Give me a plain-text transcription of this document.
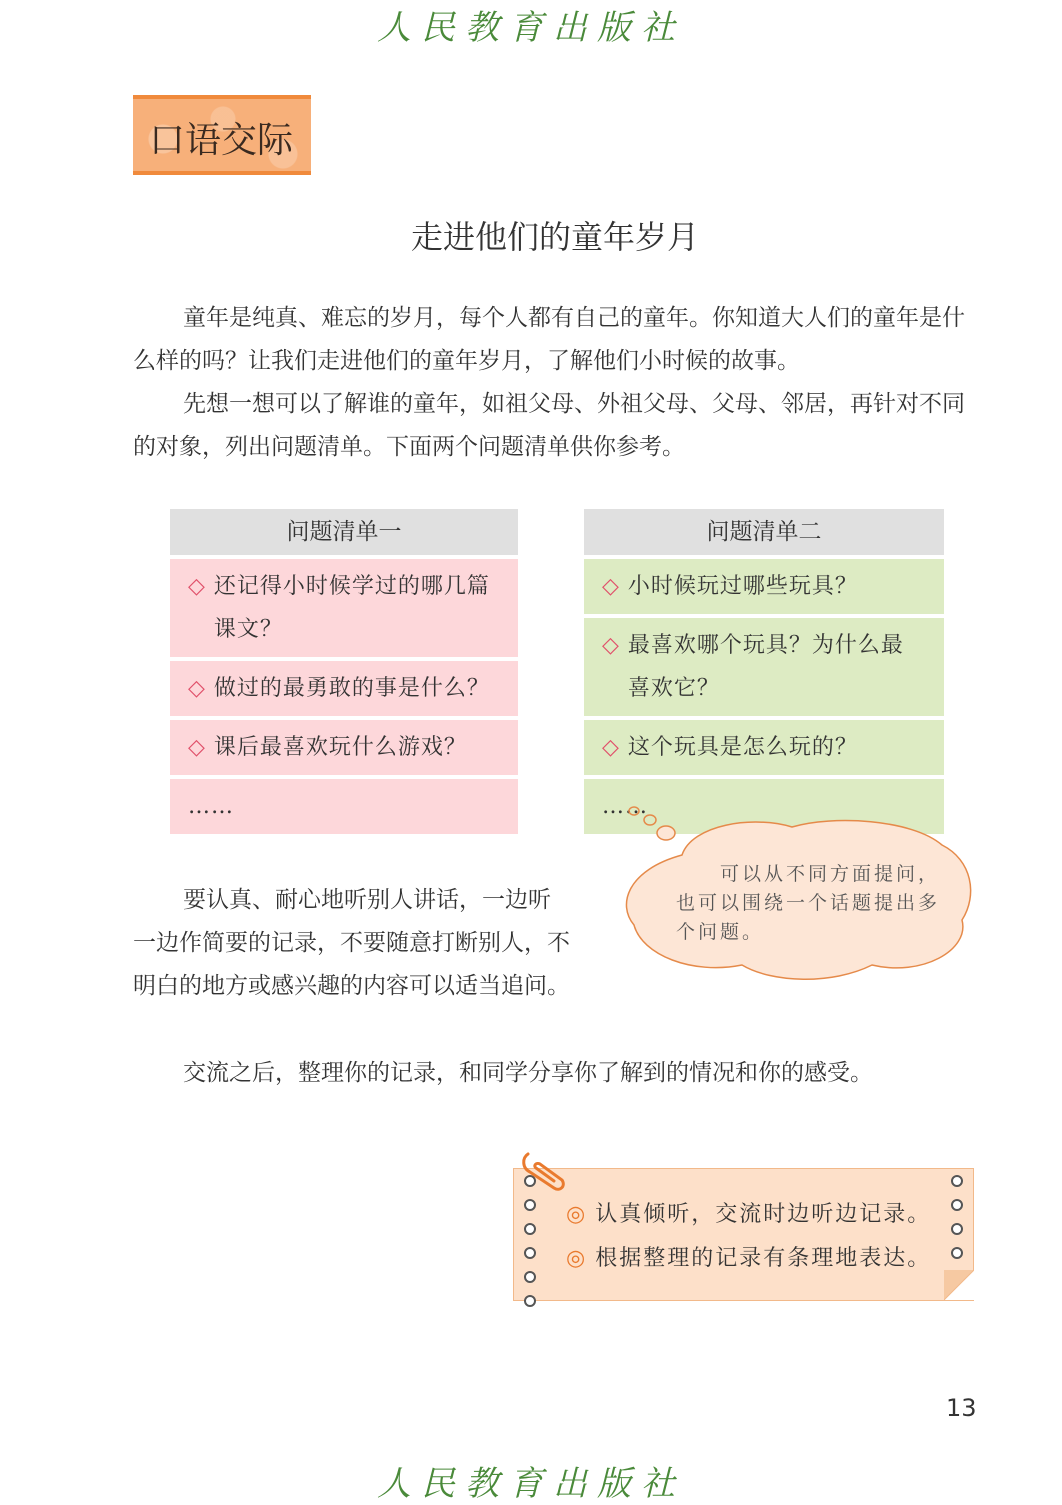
人民教育出版社
口语交际
走进他们的童年岁月

童年是纯真、难忘的岁月，每个人都有自己的童年。你知道大人们的童年是什么样的吗？让我们走进他们的童年岁月，了解他们小时候的故事。

先想一想可以了解谁的童年，如祖父母、外祖父母、父母、邻居，再针对不同的对象，列出问题清单。下面两个问题清单供你参考。

问题清单一
◇ 还记得小时候学过的哪几篇课文？
◇ 做过的最勇敢的事是什么？
◇ 课后最喜欢玩什么游戏？
……
问题清单二
◇ 小时候玩过哪些玩具？
◇ 最喜欢哪个玩具？为什么最喜欢它？
◇ 这个玩具是怎么玩的？
……
可以从不同方面提问，也可以围绕一个话题提出多个问题。

要认真、耐心地听别人讲话，一边听一边作简要的记录，不要随意打断别人，不明白的地方或感兴趣的内容可以适当追问。

交流之后，整理你的记录，和同学分享你了解到的情况和你的感受。

◎ 认真倾听，交流时边听边记录。
◎ 根据整理的记录有条理地表达。
13
人民教育出版社
